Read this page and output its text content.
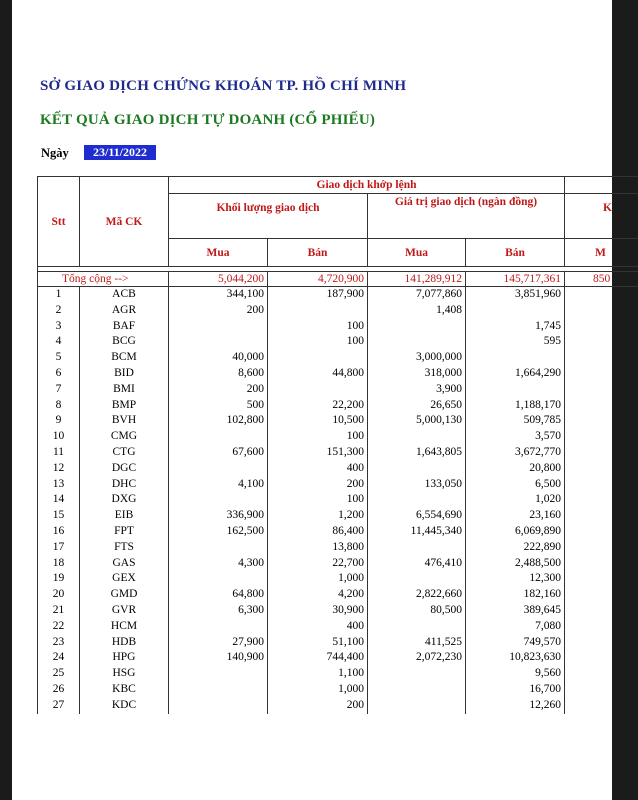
SỞ GIAO DỊCH CHỨNG KHOÁN TP. HỒ CHÍ MINH
KẾT QUẢ GIAO DỊCH TỰ DOANH (CỔ PHIẾU)
Ngày	23/11/2022
Stt	Mã CK	Giao dịch khớp lệnh				
		Khối lượng giao dịch		Giá trị giao dịch (ngàn đồng)		K
		Mua	Bán	Mua	Bán	M

Tổng cộng -->		5,044,200	4,720,900	141,289,912	145,717,361	850
1	ACB	344,100	187,900	7,077,860	3,851,960	
2	AGR	200		1,408		
3	BAF		100		1,745	
4	BCG		100		595	
5	BCM	40,000		3,000,000		
6	BID	8,600	44,800	318,000	1,664,290	
7	BMI	200		3,900		
8	BMP	500	22,200	26,650	1,188,170	
9	BVH	102,800	10,500	5,000,130	509,785	
10	CMG		100		3,570	
11	CTG	67,600	151,300	1,643,805	3,672,770	
12	DGC		400		20,800	
13	DHC	4,100	200	133,050	6,500	
14	DXG		100		1,020	
15	EIB	336,900	1,200	6,554,690	23,160	
16	FPT	162,500	86,400	11,445,340	6,069,890	
17	FTS		13,800		222,890	
18	GAS	4,300	22,700	476,410	2,488,500	
19	GEX		1,000		12,300	
20	GMD	64,800	4,200	2,822,660	182,160	
21	GVR	6,300	30,900	80,500	389,645	
22	HCM		400		7,080	
23	HDB	27,900	51,100	411,525	749,570	
24	HPG	140,900	744,400	2,072,230	10,823,630	
25	HSG		1,100		9,560	
26	KBC		1,000		16,700	
27	KDC		200		12,260	
